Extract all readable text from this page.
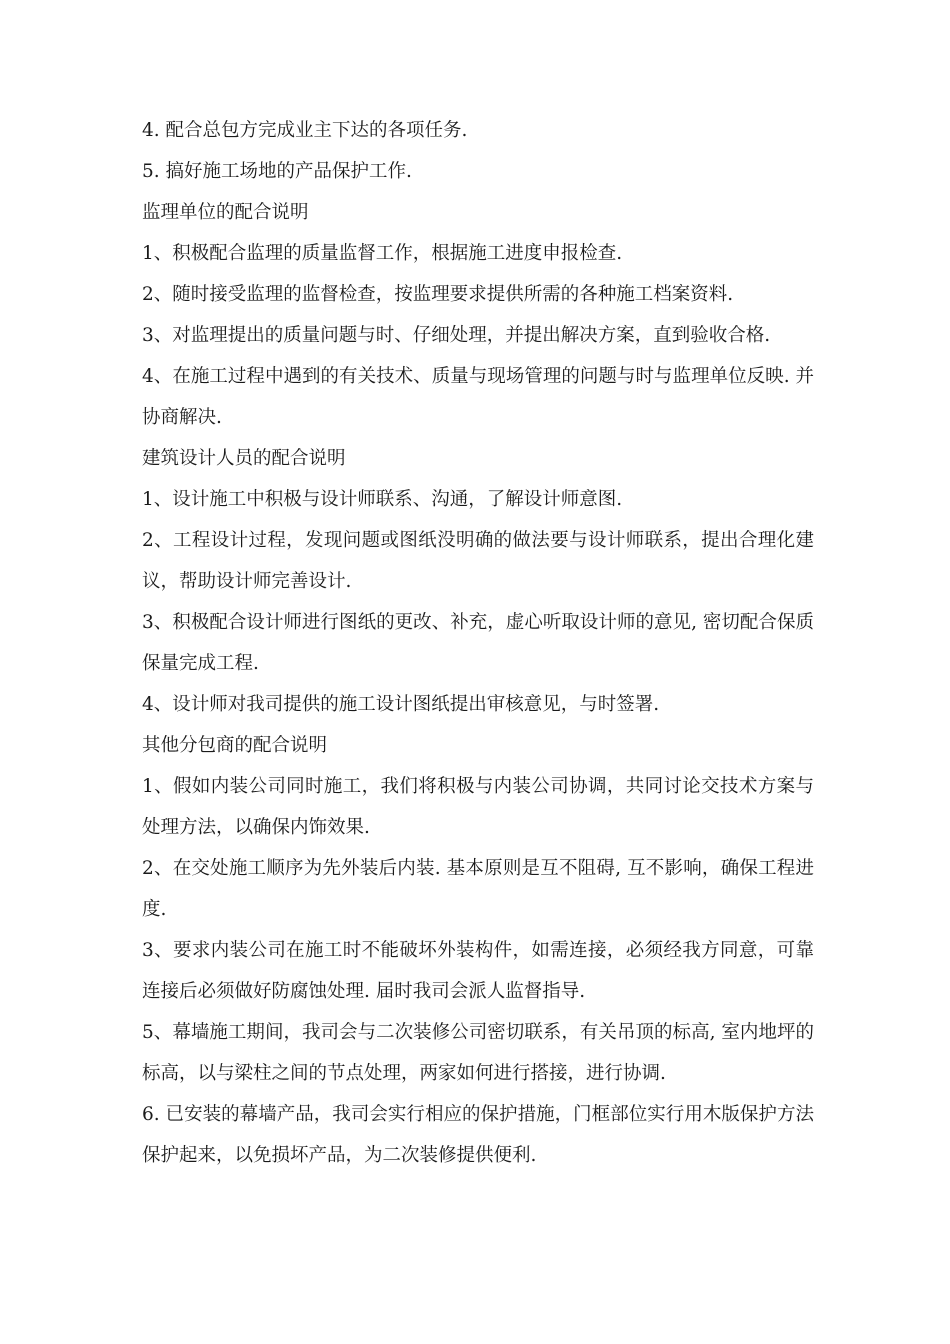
4. 配合总包方完成业主下达的各项任务.

5. 搞好施工场地的产品保护工作.

监理单位的配合说明

1、积极配合监理的质量监督工作，根据施工进度申报检查.

2、随时接受监理的监督检查，按监理要求提供所需的各种施工档案资料.

3、对监理提出的质量问题与时、仔细处理，并提出解决方案，直到验收合格.

4、在施工过程中遇到的有关技术、质量与现场管理的问题与时与监理单位反映. 并协商解决.

建筑设计人员的配合说明

1、设计施工中积极与设计师联系、沟通，了解设计师意图.

2、工程设计过程，发现问题或图纸没明确的做法要与设计师联系，提出合理化建议，帮助设计师完善设计.

3、积极配合设计师进行图纸的更改、补充，虚心听取设计师的意见, 密切配合保质保量完成工程.

4、设计师对我司提供的施工设计图纸提出审核意见，与时签署.

其他分包商的配合说明

1、假如内装公司同时施工，我们将积极与内装公司协调，共同讨论交技术方案与处理方法，以确保内饰效果.

2、在交处施工顺序为先外装后内装. 基本原则是互不阻碍, 互不影响，确保工程进度.

3、要求内装公司在施工时不能破坏外装构件，如需连接，必须经我方同意，可靠连接后必须做好防腐蚀处理. 届时我司会派人监督指导.

5、幕墙施工期间，我司会与二次装修公司密切联系，有关吊顶的标高, 室内地坪的标高，以与梁柱之间的节点处理，两家如何进行搭接，进行协调.

6. 已安装的幕墙产品，我司会实行相应的保护措施，门框部位实行用木版保护方法保护起来，以免损坏产品，为二次装修提供便利.
